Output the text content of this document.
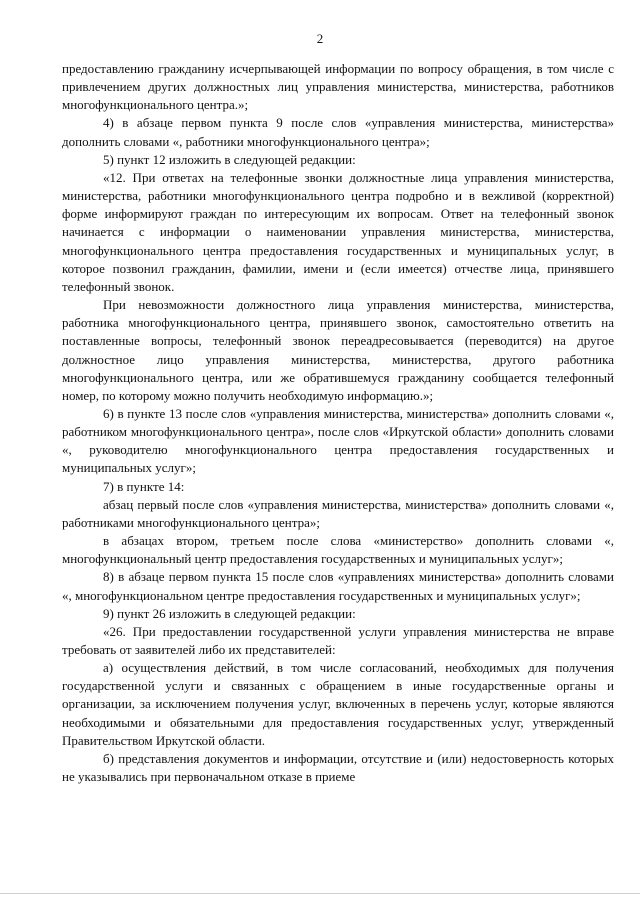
2

предоставлению гражданину исчерпывающей информации по вопросу обращения, в том числе с привлечением других должностных лиц управления министерства, министерства, работников многофункционального центра.»;

4) в абзаце первом пункта 9 после слов «управления министерства, министерства» дополнить словами «, работники многофункционального центра»;

5) пункт 12 изложить в следующей редакции:

«12. При ответах на телефонные звонки должностные лица управления министерства, министерства, работники многофункционального центра подробно и в вежливой (корректной) форме информируют граждан по интересующим их вопросам. Ответ на телефонный звонок начинается с информации о наименовании управления министерства, министерства, многофункционального центра предоставления государственных и муниципальных услуг, в которое позвонил гражданин, фамилии, имени и (если имеется) отчестве лица, принявшего телефонный звонок.

При невозможности должностного лица управления министерства, министерства, работника многофункционального центра, принявшего звонок, самостоятельно ответить на поставленные вопросы, телефонный звонок переадресовывается (переводится) на другое должностное лицо управления министерства, министерства, другого работника многофункционального центра, или же обратившемуся гражданину сообщается телефонный номер, по которому можно получить необходимую информацию.»;

6) в пункте 13 после слов «управления министерства, министерства» дополнить словами «, работником многофункционального центра», после слов «Иркутской области» дополнить словами «, руководителю многофункционального центра предоставления государственных и муниципальных услуг»;

7) в пункте 14:

абзац первый после слов «управления министерства, министерства» дополнить словами «, работниками многофункционального центра»;

в абзацах втором, третьем после слова «министерство» дополнить словами «, многофункциональный центр предоставления государственных и муниципальных услуг»;

8) в абзаце первом пункта 15 после слов «управлениях министерства» дополнить словами «, многофункциональном центре предоставления государственных и муниципальных услуг»;

9) пункт 26 изложить в следующей редакции:

«26. При предоставлении государственной услуги управления министерства не вправе требовать от заявителей либо их представителей:

а) осуществления действий, в том числе согласований, необходимых для получения государственной услуги и связанных с обращением в иные государственные органы и организации, за исключением получения услуг, включенных в перечень услуг, которые являются необходимыми и обязательными для предоставления государственных услуг, утвержденный Правительством Иркутской области.

б) представления документов и информации, отсутствие и (или) недостоверность которых не указывались при первоначальном отказе в приеме
